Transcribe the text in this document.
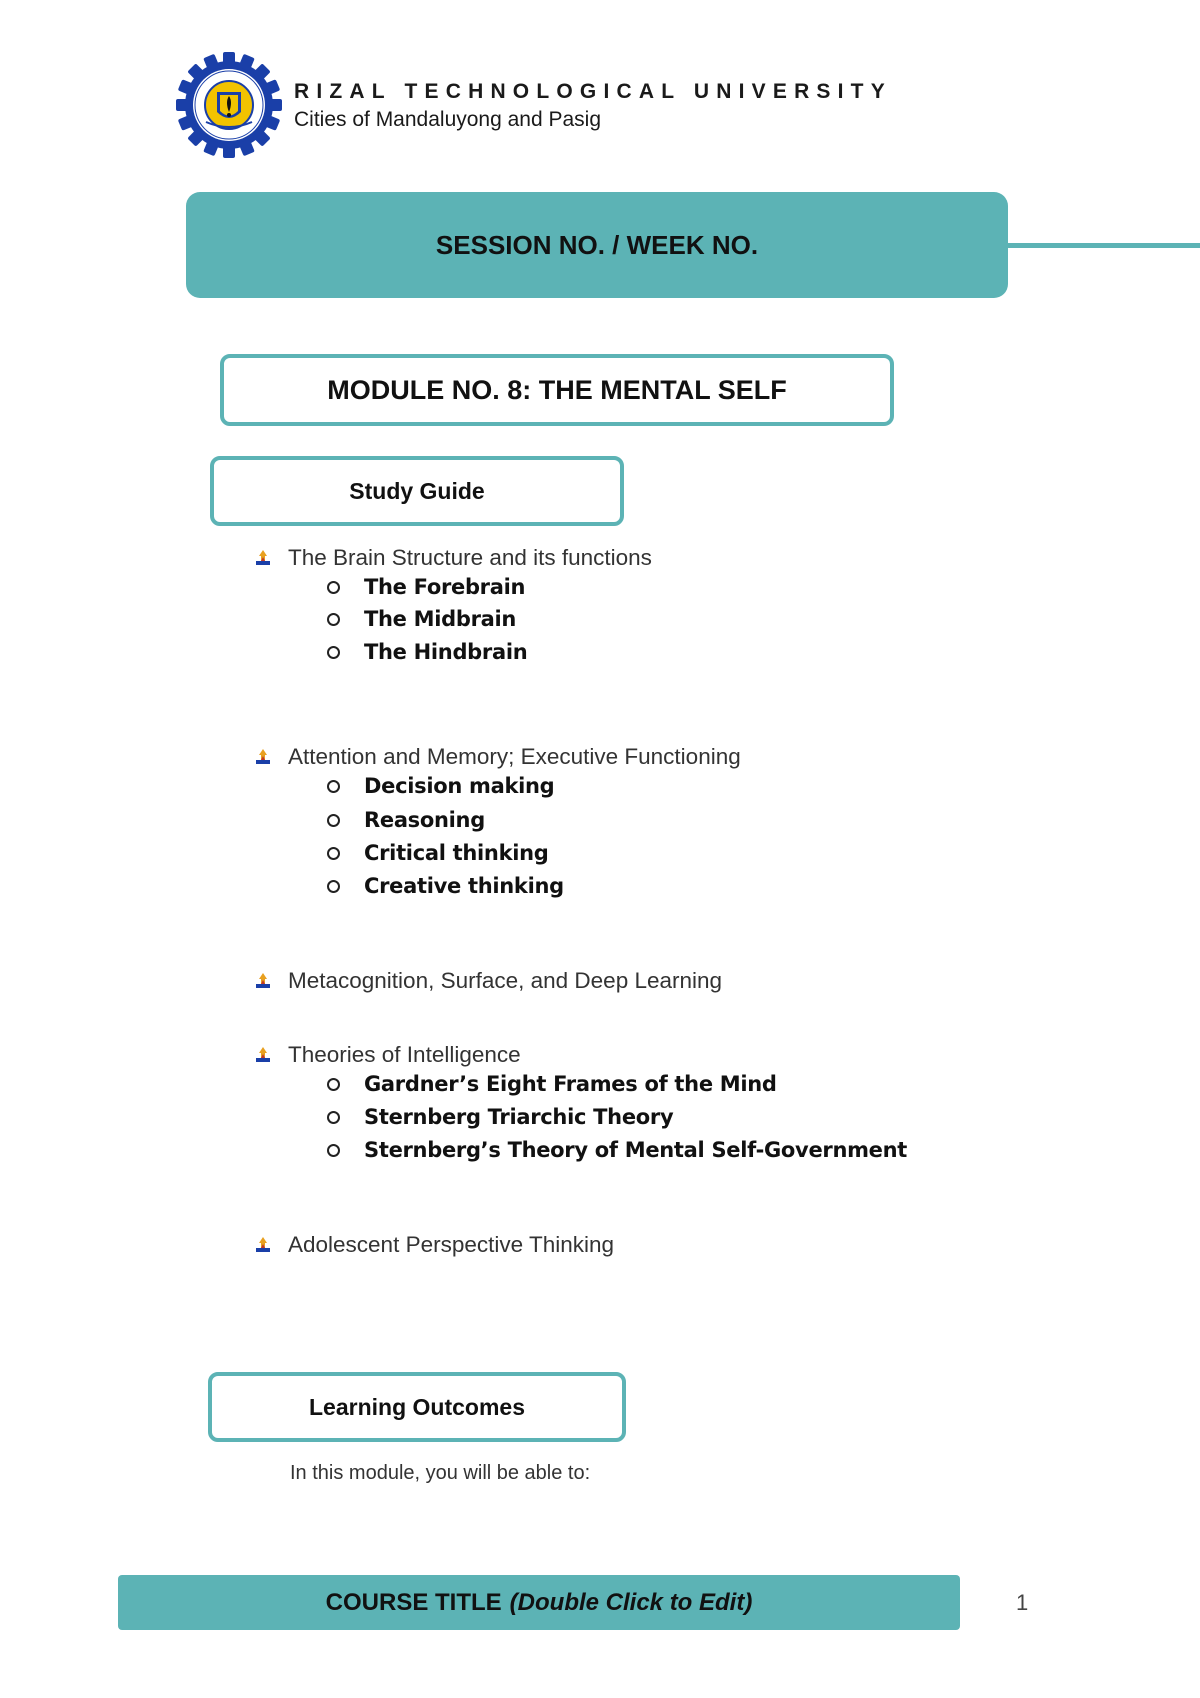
RIZAL TECHNOLOGICAL UNIVERSITY
Cities of Mandaluyong and Pasig
SESSION NO. / WEEK NO.
MODULE NO. 8: THE MENTAL SELF
Study Guide
The Brain Structure and its functions
The Forebrain
The Midbrain
The Hindbrain
Attention and Memory; Executive Functioning
Decision making
Reasoning
Critical thinking
Creative thinking
Metacognition, Surface, and Deep Learning
Theories of Intelligence
Gardner’s Eight Frames of the Mind
Sternberg Triarchic Theory
Sternberg’s Theory of Mental Self-Government
Adolescent Perspective Thinking
Learning Outcomes
In this module, you will be able to:
COURSE TITLE (Double Click to Edit)	1
